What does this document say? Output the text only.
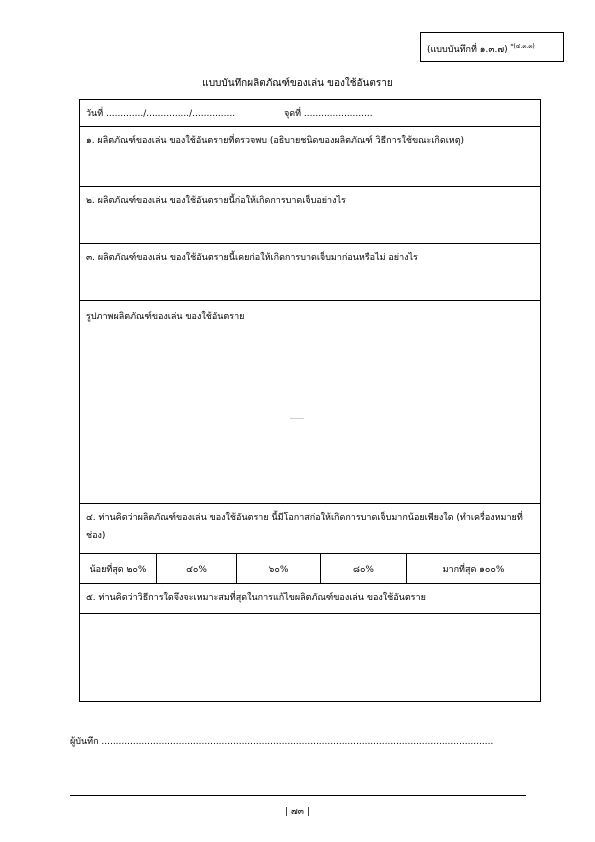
(แบบบันทึกที่ ๑.๓.๗) $^{*(๔.๓.๓)}$
แบบบันทึกผลิตภัณฑ์ของเล่น ของใช้อันตราย
วันที่ ............./.............../...............	จุดที่ ........................
๑. ผลิตภัณฑ์ของเล่น ของใช้อันตรายที่ตรวจพบ (อธิบายชนิดของผลิตภัณฑ์ วิธีการใช้ขณะเกิดเหตุ)
๒. ผลิตภัณฑ์ของเล่น ของใช้อันตรายนี้ก่อให้เกิดการบาดเจ็บอย่างไร
๓. ผลิตภัณฑ์ของเล่น ของใช้อันตรายนี้เคยก่อให้เกิดการบาดเจ็บมาก่อนหรือไม่ อย่างไร
รูปภาพผลิตภัณฑ์ของเล่น ของใช้อันตราย
๔. ท่านคิดว่าผลิตภัณฑ์ของเล่น ของใช้อันตราย นี้มีโอกาสก่อให้เกิดการบาดเจ็บมากน้อยเพียงใด (ทำเครื่องหมายที่ช่อง)
น้อยที่สุด ๒๐%	๔๐%	๖๐%	๘๐%	มากที่สุด ๑๐๐%
๕. ท่านคิดว่าวิธีการใดจึงจะเหมาะสมที่สุดในการแก้ไขผลิตภัณฑ์ของเล่น ของใช้อันตราย
ผู้บันทึก .........................................................................................................................................
| ๗๓ |
